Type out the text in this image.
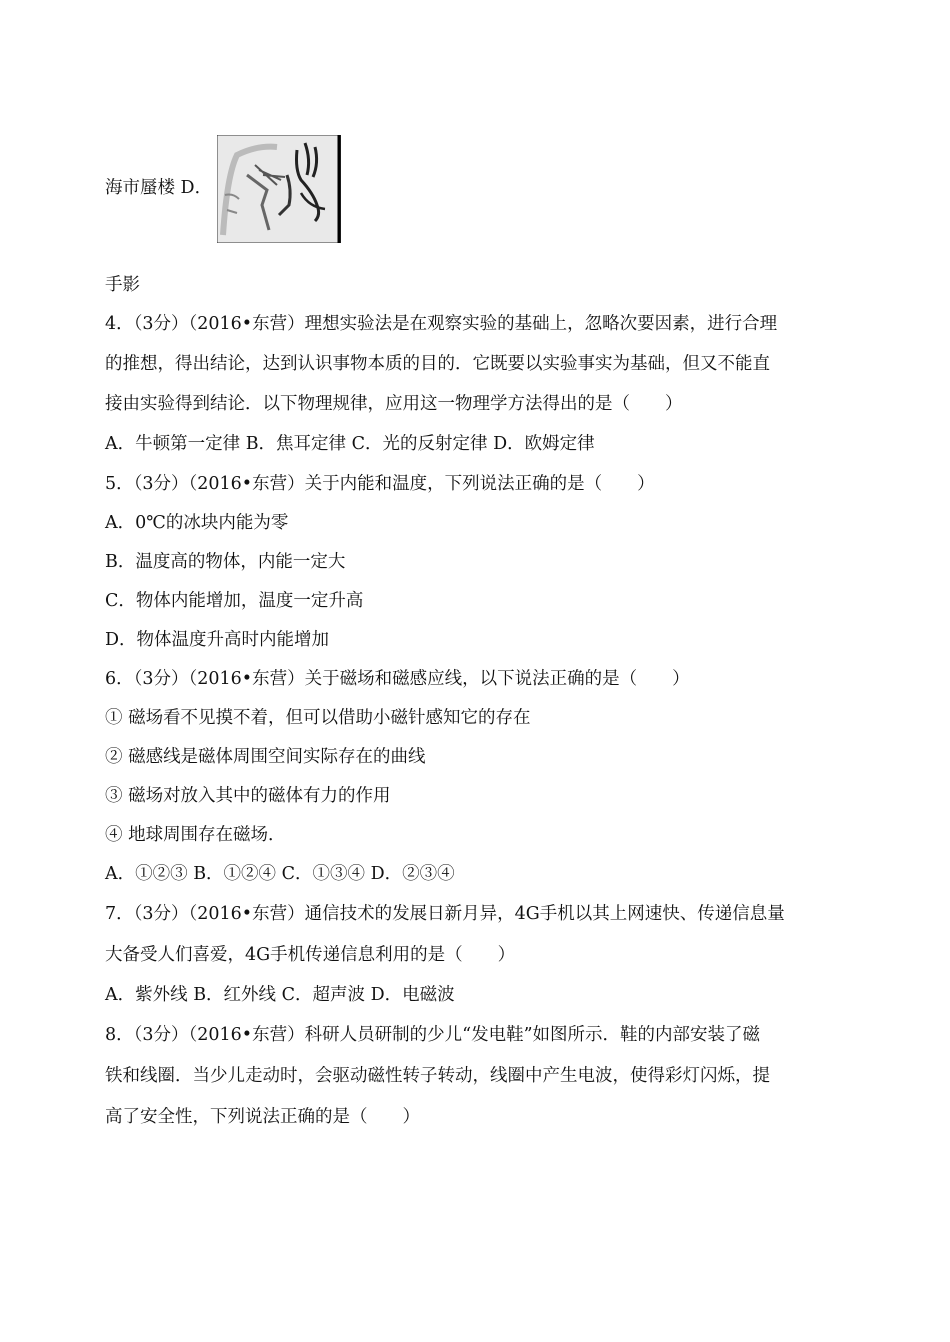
海市蜃楼 D．

手影

4．（3分）（2016•东营）理想实验法是在观察实验的基础上，忽略次要因素，进行合理

的推想，得出结论，达到认识事物本质的目的．它既要以实验事实为基础，但又不能直

接由实验得到结论．以下物理规律，应用这一物理学方法得出的是（　　）

A．牛顿第一定律 B．焦耳定律 C．光的反射定律 D．欧姆定律

5．（3分）（2016•东营）关于内能和温度，下列说法正确的是（　　）

A．0℃的冰块内能为零

B．温度高的物体，内能一定大

C．物体内能增加，温度一定升高

D．物体温度升高时内能增加

6．（3分）（2016•东营）关于磁场和磁感应线，以下说法正确的是（　　）

① 磁场看不见摸不着，但可以借助小磁针感知它的存在

② 磁感线是磁体周围空间实际存在的曲线

③ 磁场对放入其中的磁体有力的作用

④ 地球周围存在磁场．

A．①②③ B．①②④ C．①③④ D．②③④

7．（3分）（2016•东营）通信技术的发展日新月异，4G手机以其上网速快、传递信息量

大备受人们喜爱，4G手机传递信息利用的是（　　）

A．紫外线 B．红外线 C．超声波 D．电磁波

8．（3分）（2016•东营）科研人员研制的少儿“发电鞋”如图所示．鞋的内部安装了磁

铁和线圈．当少儿走动时，会驱动磁性转子转动，线圈中产生电波，使得彩灯闪烁，提

高了安全性，下列说法正确的是（　　）
